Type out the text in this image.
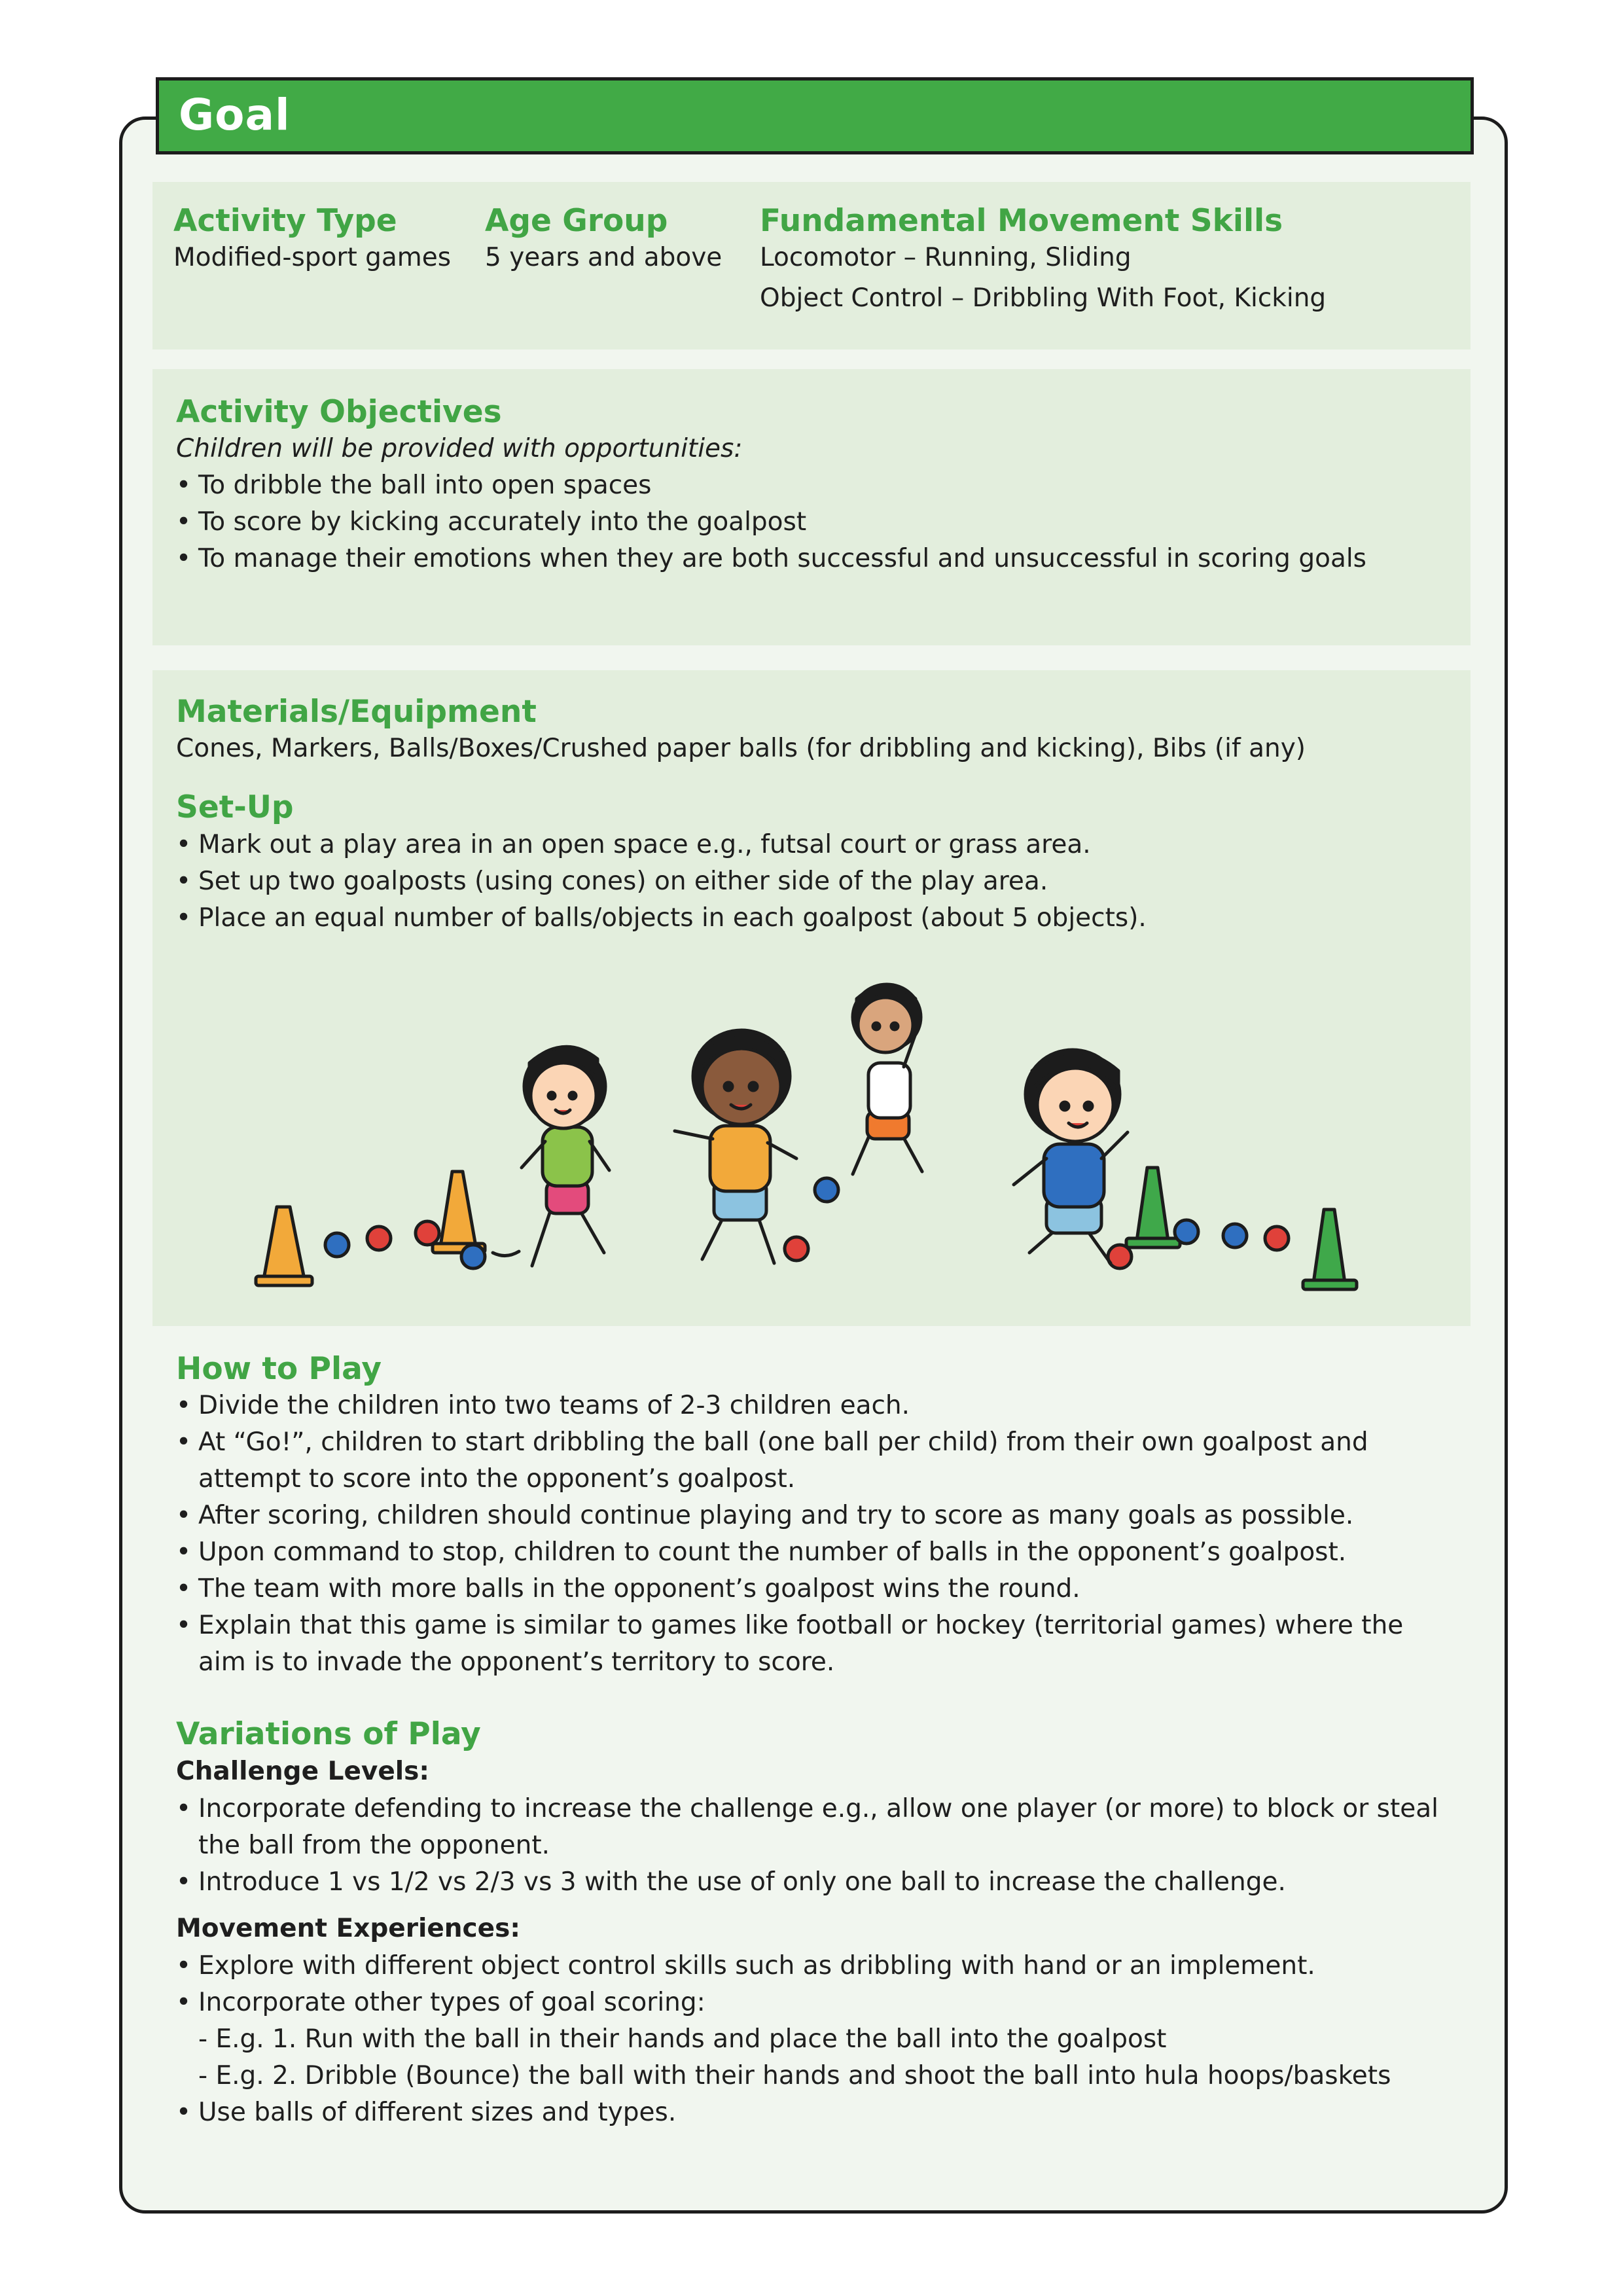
Goal

Activity Type

Modified-sport games

Age Group

5 years and above

Fundamental Movement Skills

Locomotor – Running, Sliding

Object Control – Dribbling With Foot, Kicking

Activity Objectives

Children will be provided with opportunities:

• To dribble the ball into open spaces
• To score by kicking accurately into the goalpost
• To manage their emotions when they are both successful and unsuccessful in scoring goals

Materials/Equipment

Cones, Markers, Balls/Boxes/Crushed paper balls (for dribbling and kicking), Bibs (if any)

Set-Up

• Mark out a play area in an open space e.g., futsal court or grass area.
• Set up two goalposts (using cones) on either side of the play area.
• Place an equal number of balls/objects in each goalpost (about 5 objects).

How to Play

• Divide the children into two teams of 2-3 children each.
• At “Go!”, children to start dribbling the ball (one ball per child) from their own goalpost and attempt to score into the opponent’s goalpost.
• After scoring, children should continue playing and try to score as many goals as possible.
• Upon command to stop, children to count the number of balls in the opponent’s goalpost.
• The team with more balls in the opponent’s goalpost wins the round.
• Explain that this game is similar to games like football or hockey (territorial games) where the aim is to invade the opponent’s territory to score.

Variations of Play

Challenge Levels:

• Incorporate defending to increase the challenge e.g., allow one player (or more) to block or steal the ball from the opponent.
• Introduce 1 vs 1/2 vs 2/3 vs 3 with the use of only one ball to increase the challenge.

Movement Experiences:

• Explore with different object control skills such as dribbling with hand or an implement.
• Incorporate other types of goal scoring:
- E.g. 1. Run with the ball in their hands and place the ball into the goalpost
- E.g. 2. Dribble (Bounce) the ball with their hands and shoot the ball into hula hoops/baskets
• Use balls of different sizes and types.
